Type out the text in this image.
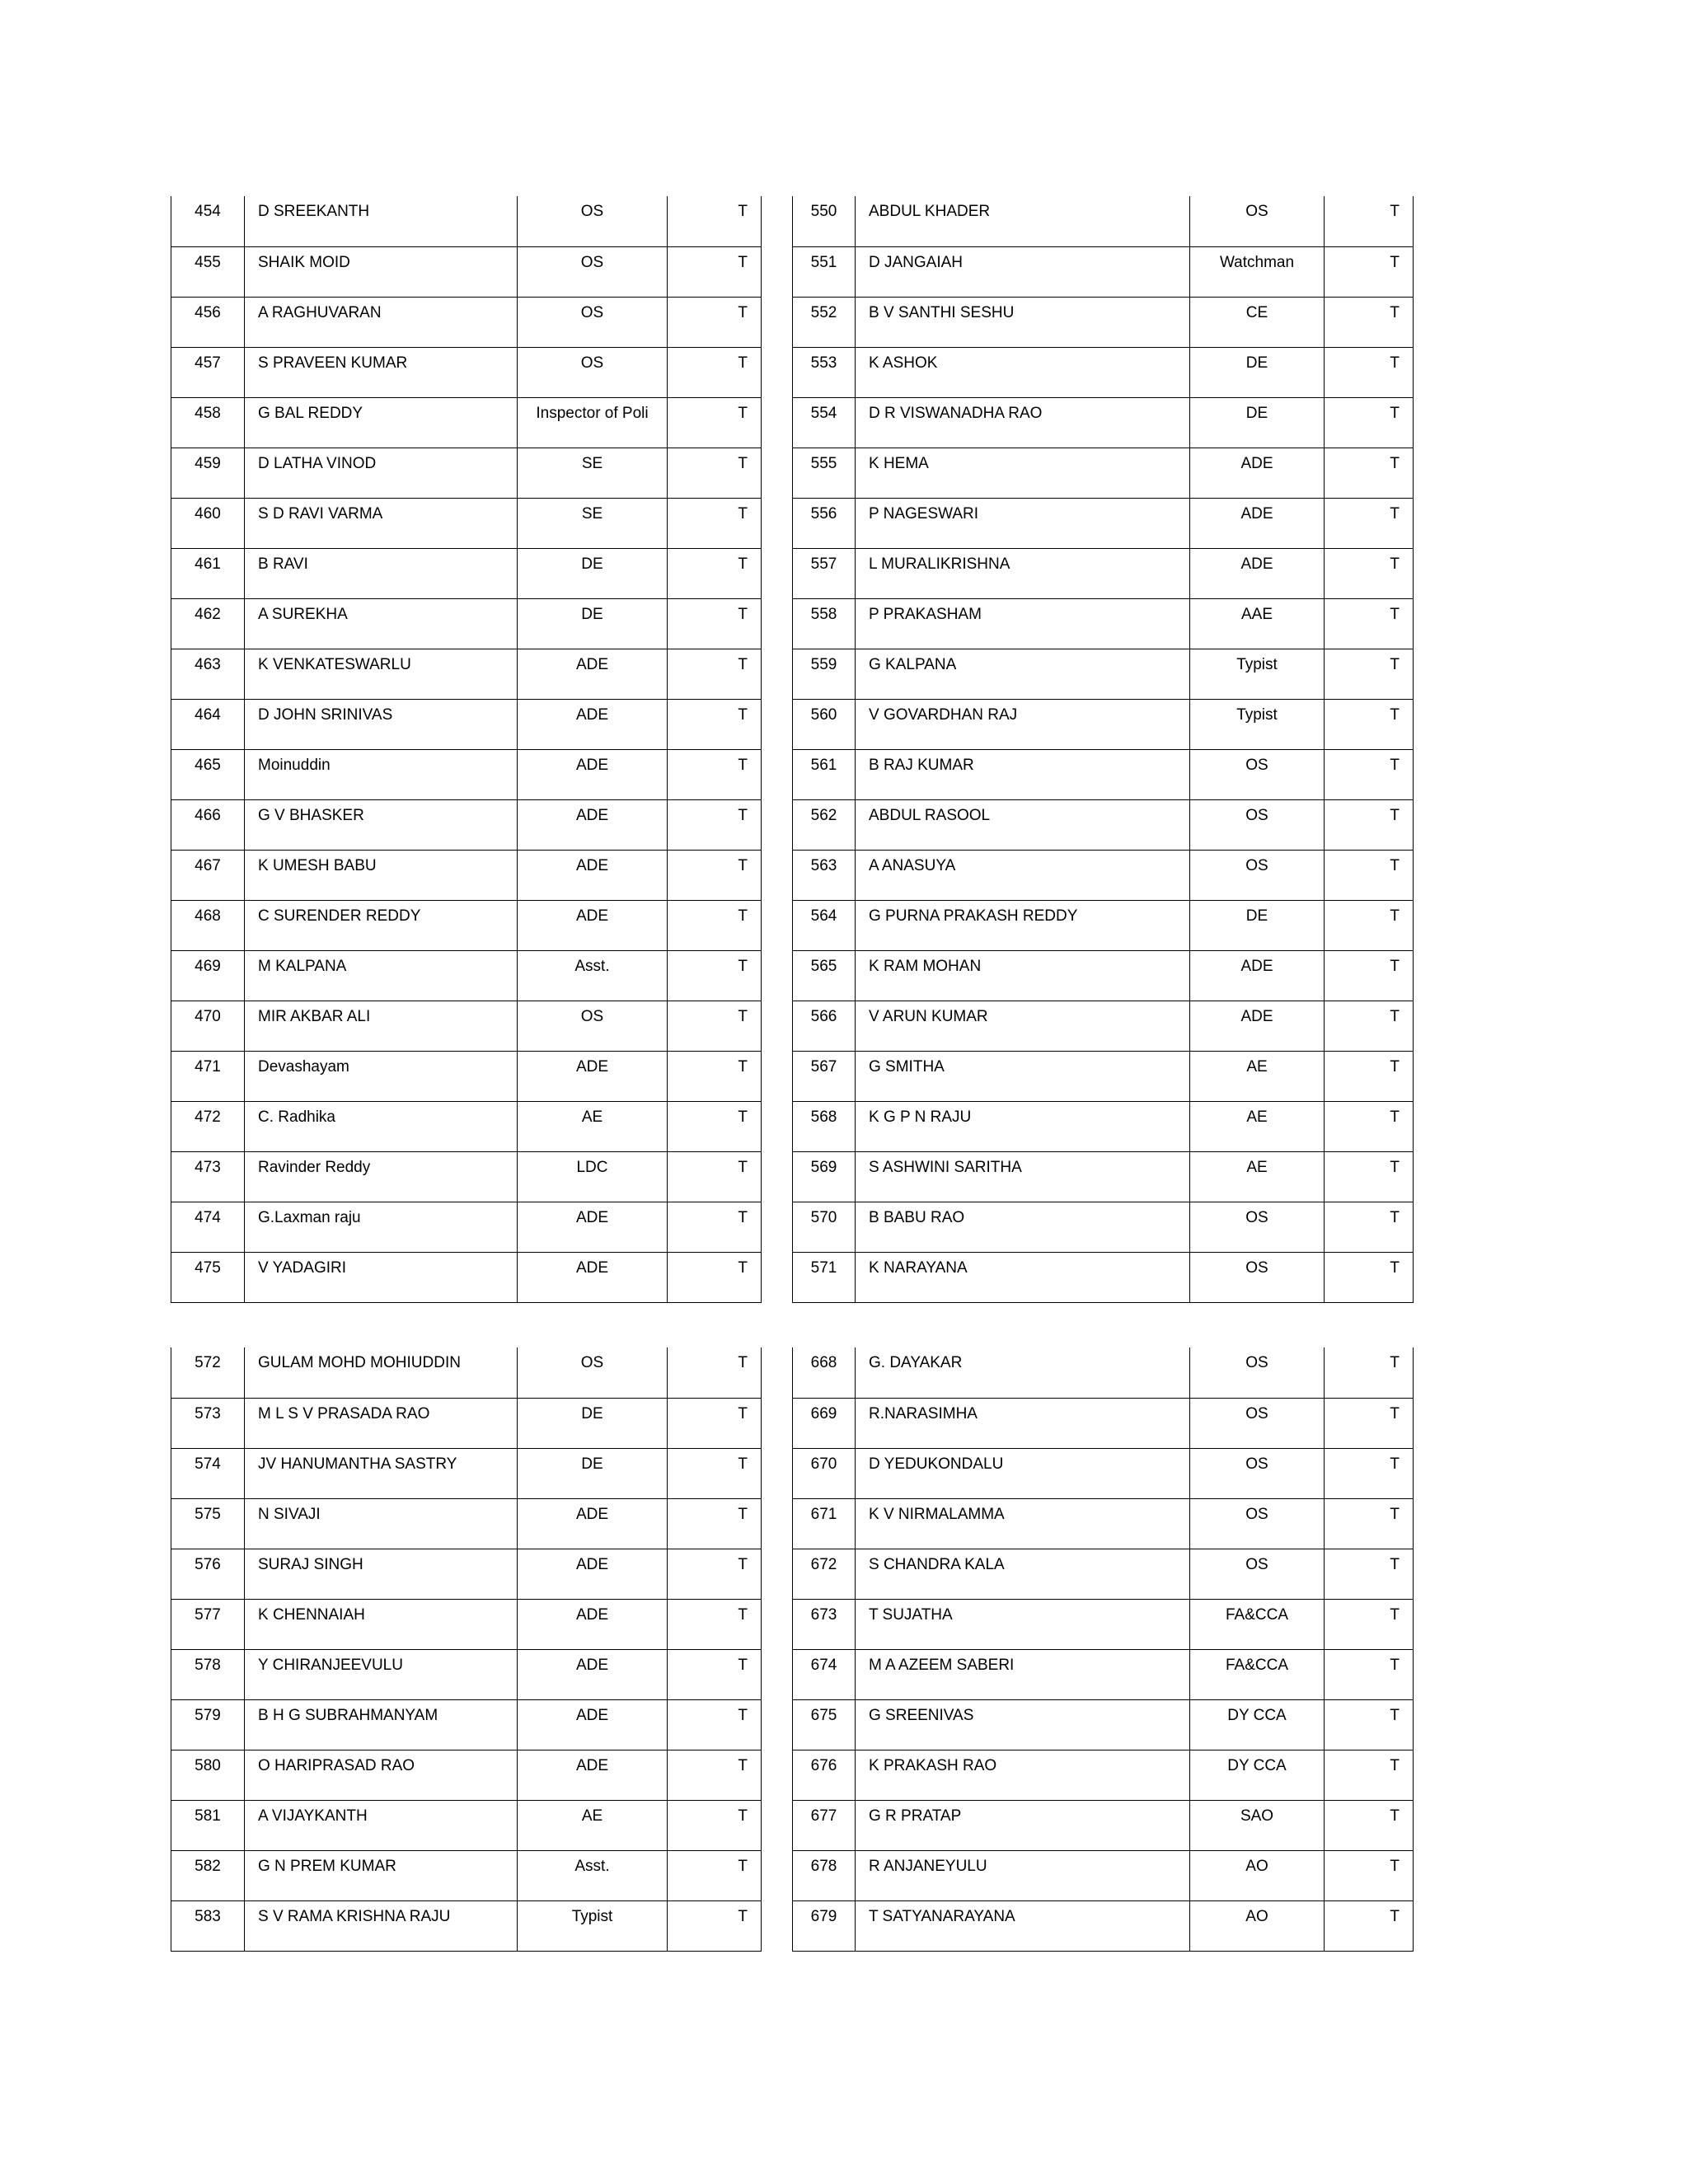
454	D SREEKANTH	OS	T
455	SHAIK MOID	OS	T
456	A RAGHUVARAN	OS	T
457	S PRAVEEN KUMAR	OS	T
458	G BAL REDDY	Inspector of Poli	T
459	D LATHA VINOD	SE	T
460	S D RAVI VARMA	SE	T
461	B RAVI	DE	T
462	A SUREKHA	DE	T
463	K VENKATESWARLU	ADE	T
464	D JOHN SRINIVAS	ADE	T
465	Moinuddin	ADE	T
466	G V BHASKER	ADE	T
467	K UMESH BABU	ADE	T
468	C SURENDER REDDY	ADE	T
469	M KALPANA	Asst.	T
470	MIR AKBAR ALI	OS	T
471	Devashayam	ADE	T
472	C. Radhika	AE	T
473	Ravinder Reddy	LDC	T
474	G.Laxman raju	ADE	T
475	V YADAGIRI	ADE	T
550	ABDUL KHADER	OS	T
551	D JANGAIAH	Watchman	T
552	B V SANTHI SESHU	CE	T
553	K ASHOK	DE	T
554	D R VISWANADHA RAO	DE	T
555	K HEMA	ADE	T
556	P NAGESWARI	ADE	T
557	L MURALIKRISHNA	ADE	T
558	P PRAKASHAM	AAE	T
559	G KALPANA	Typist	T
560	V GOVARDHAN RAJ	Typist	T
561	B RAJ KUMAR	OS	T
562	ABDUL RASOOL	OS	T
563	A ANASUYA	OS	T
564	G PURNA PRAKASH REDDY	DE	T
565	K RAM MOHAN	ADE	T
566	V ARUN KUMAR	ADE	T
567	G SMITHA	AE	T
568	K G P N RAJU	AE	T
569	S ASHWINI SARITHA	AE	T
570	B BABU RAO	OS	T
571	K NARAYANA	OS	T
572	GULAM MOHD MOHIUDDIN	OS	T
573	M L S V PRASADA RAO	DE	T
574	JV HANUMANTHA SASTRY	DE	T
575	N SIVAJI	ADE	T
576	SURAJ SINGH	ADE	T
577	K CHENNAIAH	ADE	T
578	Y CHIRANJEEVULU	ADE	T
579	B H G SUBRAHMANYAM	ADE	T
580	O HARIPRASAD RAO	ADE	T
581	A VIJAYKANTH	AE	T
582	G N PREM KUMAR	Asst.	T
583	S V RAMA KRISHNA RAJU	Typist	T
668	G. DAYAKAR	OS	T
669	R.NARASIMHA	OS	T
670	D YEDUKONDALU	OS	T
671	K V NIRMALAMMA	OS	T
672	S CHANDRA KALA	OS	T
673	T SUJATHA	FA&CCA	T
674	M A AZEEM SABERI	FA&CCA	T
675	G SREENIVAS	DY CCA	T
676	K PRAKASH RAO	DY CCA	T
677	G R PRATAP	SAO	T
678	R ANJANEYULU	AO	T
679	T SATYANARAYANA	AO	T
